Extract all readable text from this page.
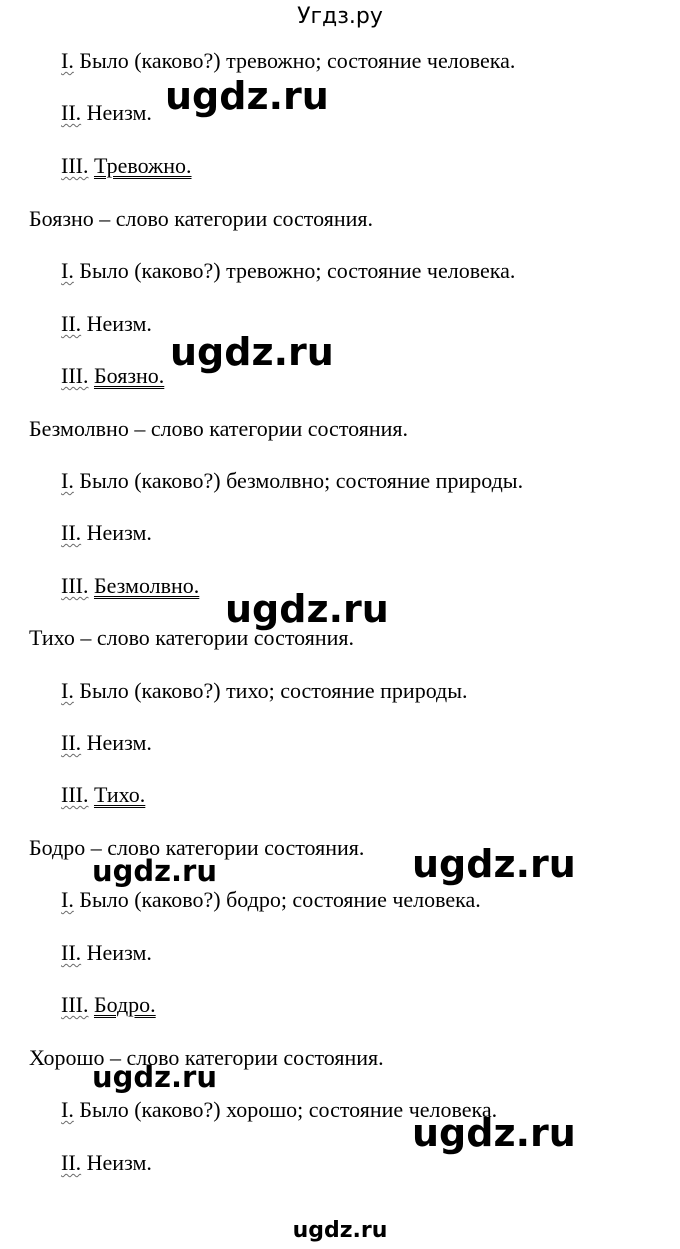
Угдз.ру
I. Было (каково?) тревожно; состояние человека.
II. Неизм.
III. Тревожно.
Боязно – слово категории состояния.
I. Было (каково?) тревожно; состояние человека.
II. Неизм.
III. Боязно.
Безмолвно – слово категории состояния.
I. Было (каково?) безмолвно; состояние природы.
II. Неизм.
III. Безмолвно.
Тихо – слово категории состояния.
I. Было (каково?) тихо; состояние природы.
II. Неизм.
III. Тихо.
Бодро – слово категории состояния.
I. Было (каково?) бодро; состояние человека.
II. Неизм.
III. Бодро.
Хорошо – слово категории состояния.
I. Было (каково?) хорошо; состояние человека.
II. Неизм.
ugdz.ru
ugdz.ru
ugdz.ru
ugdz.ru
ugdz.ru
ugdz.ru
ugdz.ru
ugdz.ru
